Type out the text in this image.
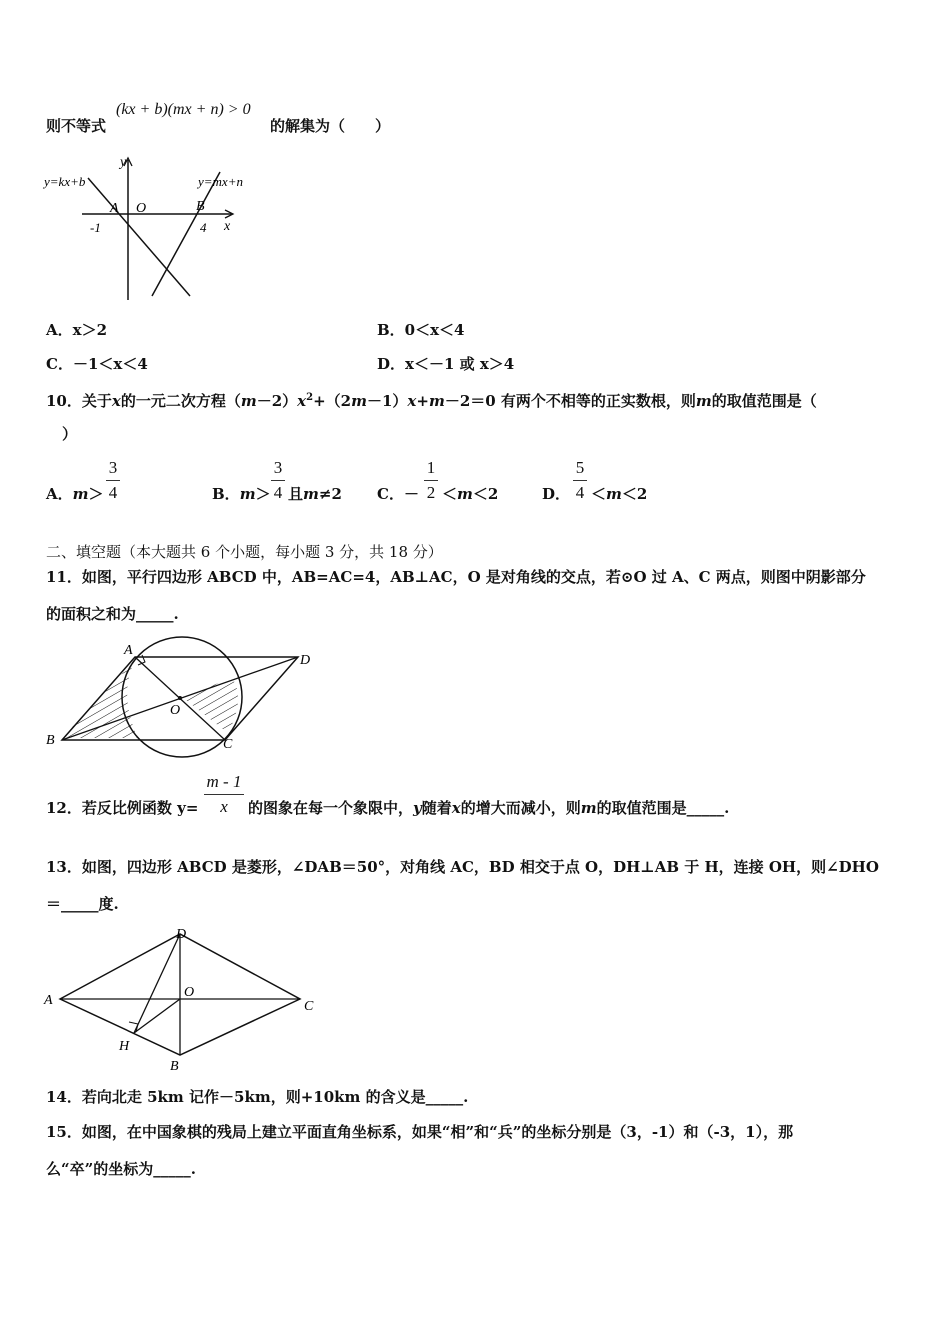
则不等式
(kx + b)(mx + n) > 0
的解集为（　　）
y
x
O
A	B
-1	4
y=kx+b	y=mx+n
A．x＞2	B．0＜x＜4
C．－1＜x＜4	D．x＜－1 或 x＞4
10．关于x的一元二次方程$(m-2)x^2+(2m-1)x+m-2=0$ 有两个不相等的正实数根，则m的取值范围是（
）
A．m＞
3
4	B．m＞
3
4 且m≠2 C．－
1
2 ＜m＜2	D．
5
4 ＜m＜2
二、填空题（本大题共 6 个小题，每小题 3 分，共 18 分）
11．如图，平行四边形 ABCD 中，AB=AC=4，AB⊥AC，O 是对角线的交点，若⊙O 过 A、C 两点，则图中阴影部分
的面积之和为_____.
A
B	C
D
O
12．若反比例函数 y=
m - 1
x	的图象在每一个象限中，y随着x的增大而减小，则m的取值范围是_____.
13．如图，四边形 ABCD 是菱形，∠DAB＝50°，对角线 AC，BD 相交于点 O，DH⊥AB 于 H，连接 OH，则∠DHO
＝_____度.
A
B
C
D
O
H
14．若向北走 5km 记作－5km，则+10km 的含义是_____.
15．如图，在中国象棋的残局上建立平面直角坐标系，如果“相”和“兵”的坐标分别是（3，-1）和（-3，1），那
么“卒”的坐标为_____.
